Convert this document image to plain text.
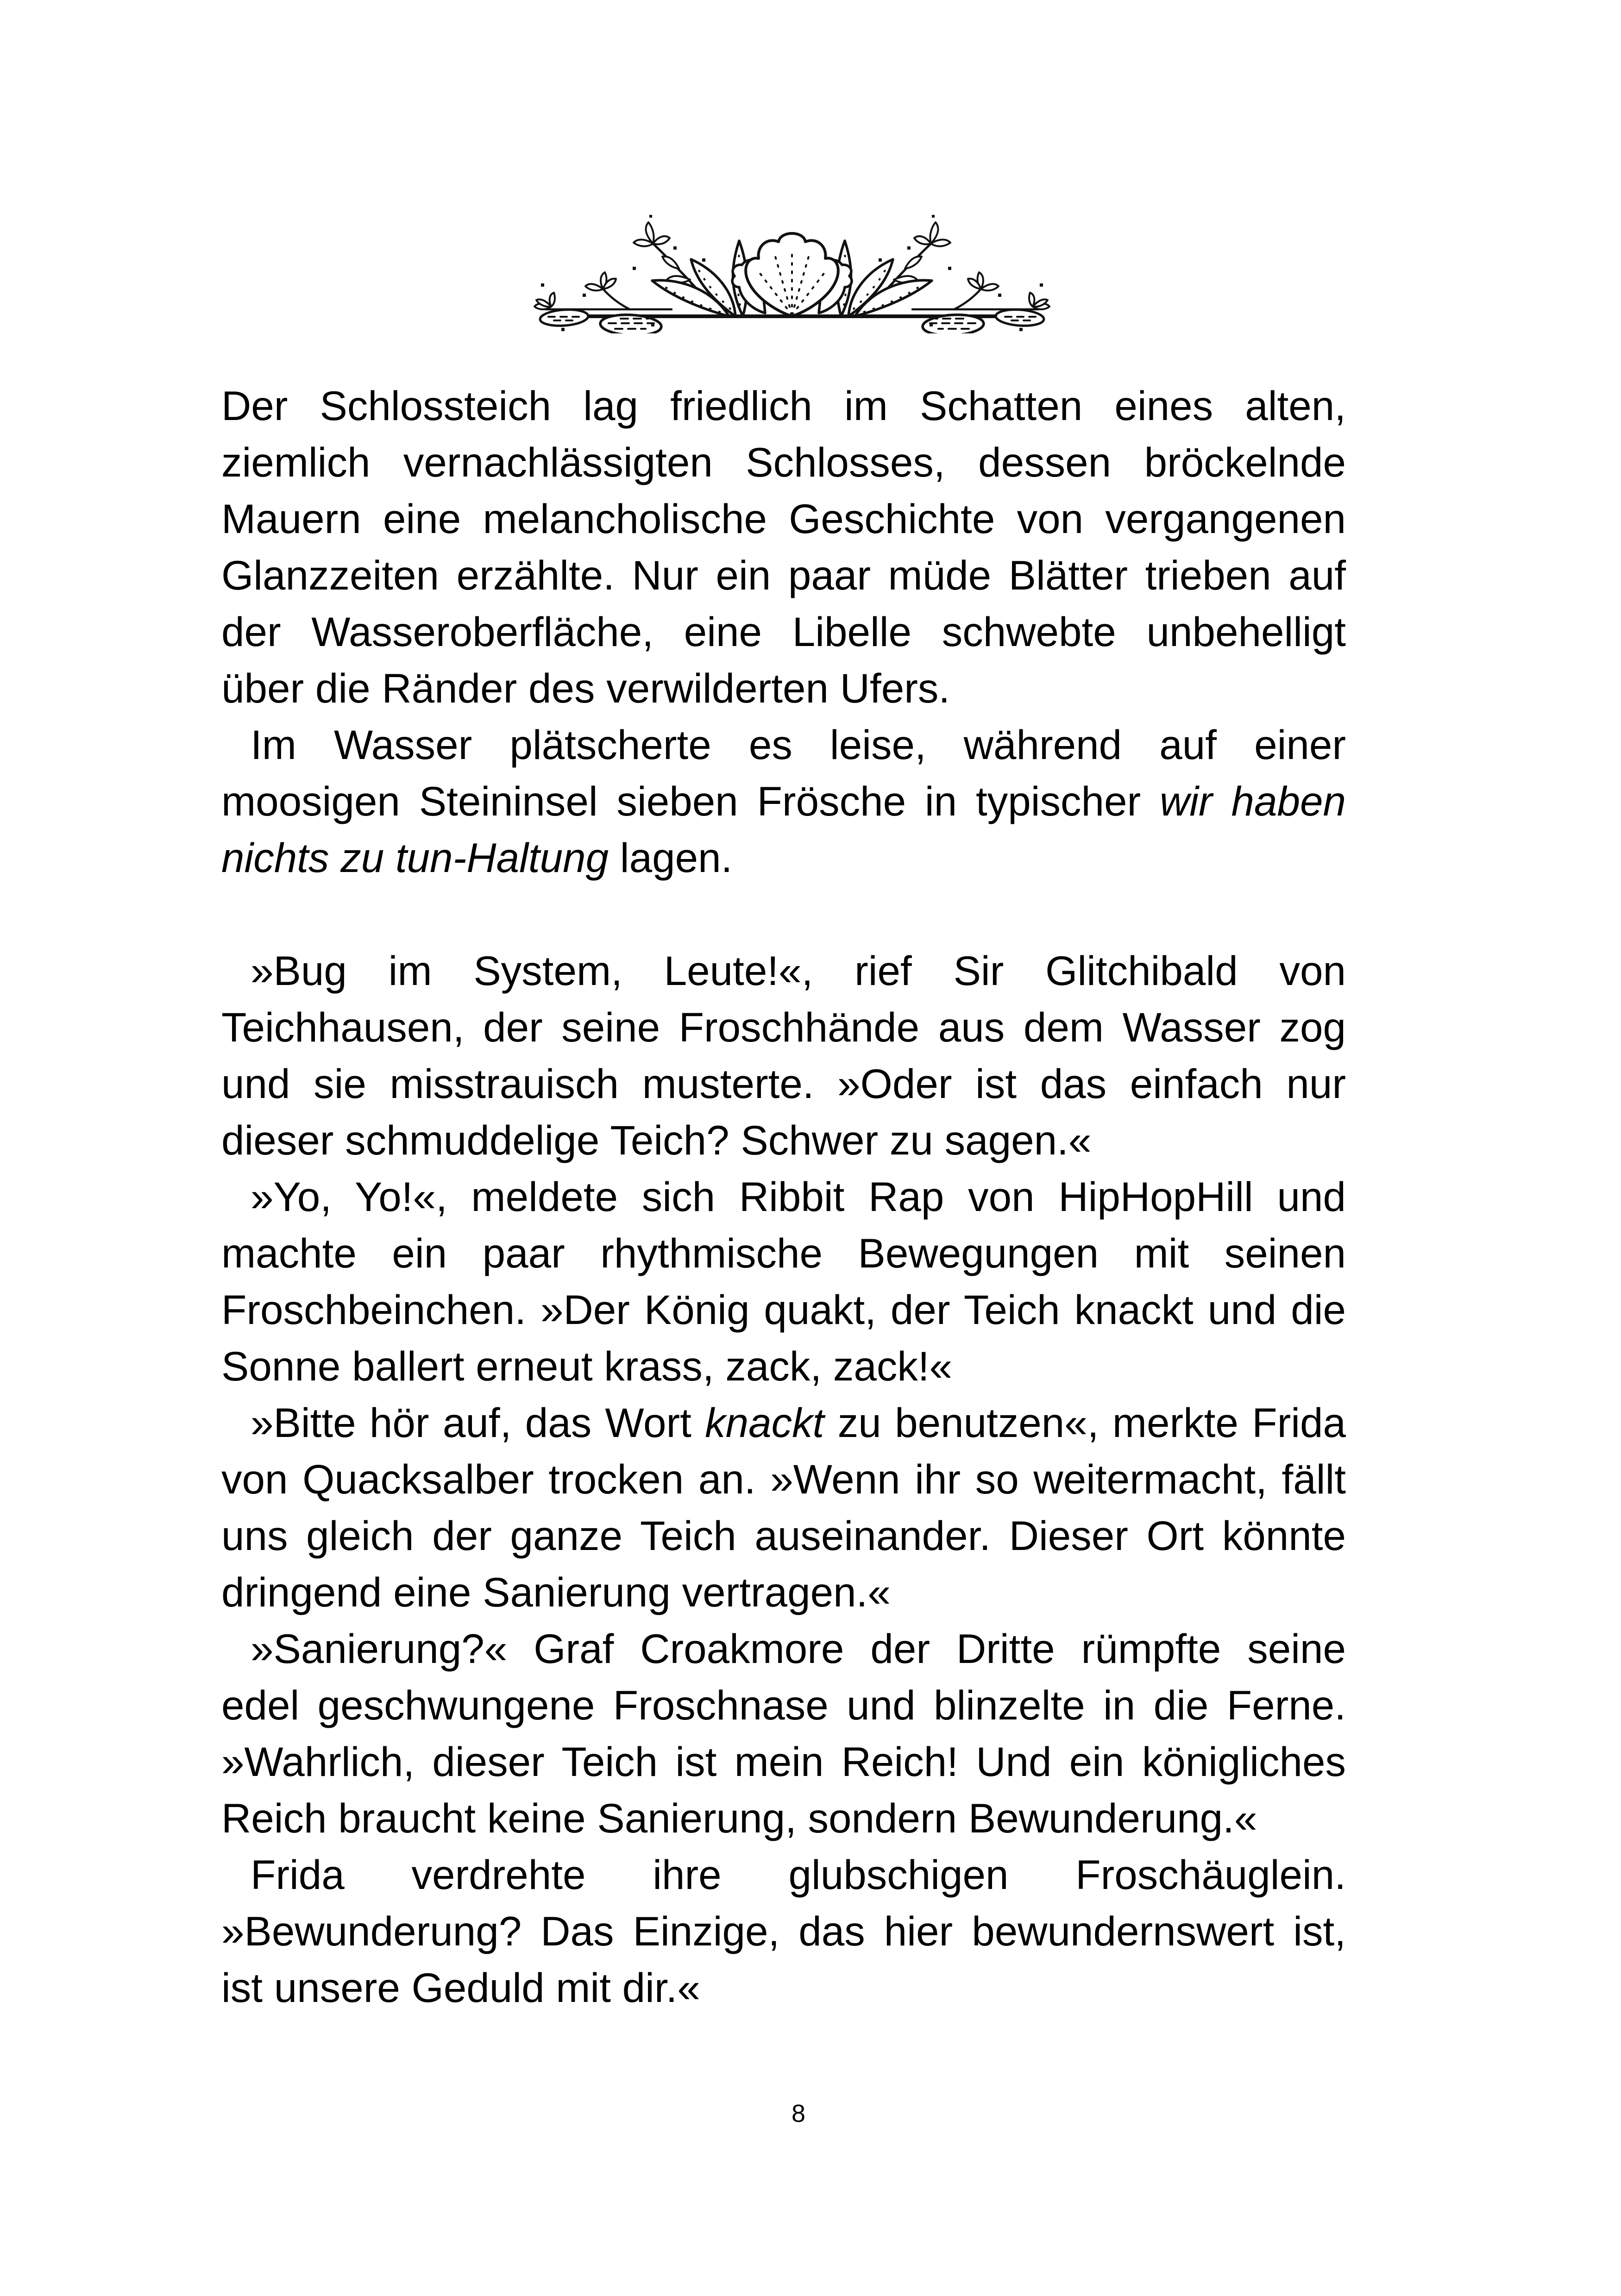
Der Schlossteich lag friedlich im Schatten eines alten,
ziemlich vernachlässigten Schlosses, dessen bröckelnde
Mauern eine melancholische Geschichte von vergangenen
Glanzzeiten erzählte. Nur ein paar müde Blätter trieben auf
der Wasseroberfläche, eine Libelle schwebte unbehelligt
über die Ränder des verwilderten Ufers.
Im Wasser plätscherte es leise, während auf einer
moosigen Steininsel sieben Frösche in typischer wir haben
nichts zu tun-Haltung lagen.
»Bug im System, Leute!«, rief Sir Glitchibald von
Teichhausen, der seine Froschhände aus dem Wasser zog
und sie misstrauisch musterte. »Oder ist das einfach nur
dieser schmuddelige Teich? Schwer zu sagen.«
»Yo, Yo!«, meldete sich Ribbit Rap von HipHopHill und
machte ein paar rhythmische Bewegungen mit seinen
Froschbeinchen. »Der König quakt, der Teich knackt und die
Sonne ballert erneut krass, zack, zack!«
»Bitte hör auf, das Wort knackt zu benutzen«, merkte Frida
von Quacksalber trocken an. »Wenn ihr so weitermacht, fällt
uns gleich der ganze Teich auseinander. Dieser Ort könnte
dringend eine Sanierung vertragen.«
»Sanierung?« Graf Croakmore der Dritte rümpfte seine
edel geschwungene Froschnase und blinzelte in die Ferne.
»Wahrlich, dieser Teich ist mein Reich! Und ein königliches
Reich braucht keine Sanierung, sondern Bewunderung.«
Frida verdrehte ihre glubschigen Froschäuglein.
»Bewunderung? Das Einzige, das hier bewundernswert ist,
ist unsere Geduld mit dir.«
8
